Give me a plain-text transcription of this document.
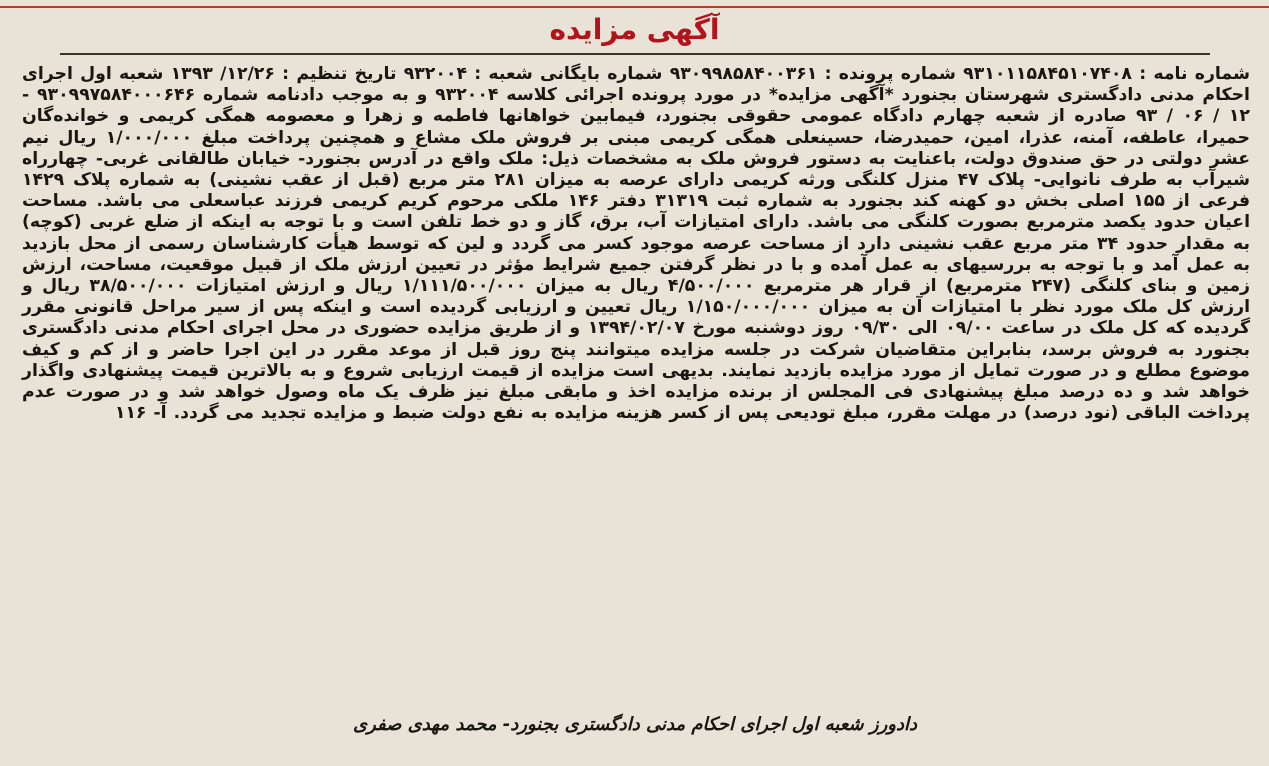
آگهی مزایده

شماره نامه : ۹۳۱۰۱۱۵۸۴۵۱۰۷۴۰۸ شماره پرونده : ۹۳۰۹۹۸۵۸۴۰۰۳۶۱ شماره بایگانی شعبه : ۹۳۲۰۰۴ تاریخ تنظیم : ۱۲/۲۶/ ۱۳۹۳ شعبه اول اجرای احکام مدنی دادگستری شهرستان بجنورد *آگهی مزایده* در مورد پرونده اجرائی کلاسه ۹۳۲۰۰۴ و به موجب دادنامه شماره ۹۳۰۹۹۷۵۸۴۰۰۰۶۴۶ - ۱۲ / ۰۶ / ۹۳ صادره از شعبه چهارم دادگاه عمومی حقوقی بجنورد، فیمابین خواهانها فاطمه و زهرا و معصومه همگی کریمی و خوانده‌گان حمیرا، عاطفه، آمنه، عذرا، امین، حمیدرضا، حسینعلی همگی کریمی مبنی بر فروش ملک مشاع و همچنین پرداخت مبلغ ۱/۰۰۰/۰۰۰ ریال نیم عشر دولتی در حق صندوق دولت، باعنایت به دستور فروش ملک به مشخصات ذیل: ملک واقع در آدرس بجنورد- خیابان طالقانی غربی- چهارراه شیرآب به طرف نانوایی- پلاک ۴۷ منزل کلنگی ورثه کریمی دارای عرصه به میزان ۲۸۱ متر مربع (قبل از عقب نشینی) به شماره پلاک ۱۴۲۹ فرعی از ۱۵۵ اصلی بخش دو کهنه کند بجنورد به شماره ثبت ۳۱۳۱۹ دفتر ۱۴۶ ملکی مرحوم کریم کریمی فرزند عباسعلی می باشد. مساحت اعیان حدود یکصد مترمربع بصورت کلنگی می باشد. دارای امتیازات آب، برق، گاز و دو خط تلفن است و با توجه به اینکه از ضلع غربی (کوچه) به مقدار حدود ۳۴ متر مربع عقب نشینی دارد از مساحت عرصه موجود کسر می گردد و لین که توسط هیأت کارشناسان رسمی از محل بازدید به عمل آمد و با توجه به بررسیهای به عمل آمده و با در نظر گرفتن جمیع شرایط مؤثر در تعیین ارزش ملک از قبیل موقعیت، مساحت، ارزش زمین و بنای کلنگی (۲۴۷ مترمربع) از قرار هر مترمربع ۴/۵۰۰/۰۰۰ ریال به میزان ۱/۱۱۱/۵۰۰/۰۰۰ ریال و ارزش امتیازات ۳۸/۵۰۰/۰۰۰ ریال و ارزش کل ملک مورد نظر با امتیازات آن به میزان ۱/۱۵۰/۰۰۰/۰۰۰ ریال تعیین و ارزیابی گردیده است و اینکه پس از سیر مراحل قانونی مقرر گردیده که کل ملک در ساعت ۰۹/۰۰ الی ۰۹/۳۰ روز دوشنبه مورخ ۱۳۹۴/۰۲/۰۷ و از طریق مزایده حضوری در محل اجرای احکام مدنی دادگستری بجنورد به فروش برسد، بنابراین متقاضیان شرکت در جلسه مزایده میتوانند پنج روز قبل از موعد مقرر در این اجرا حاضر و از کم و کیف موضوع مطلع و در صورت تمایل از مورد مزایده بازدید نمایند. بدیهی است مزایده از قیمت ارزیابی شروع و به بالاترین قیمت پیشنهادی واگذار خواهد شد و ده درصد مبلغ پیشنهادی فی المجلس از برنده مزایده اخذ و مابقی مبلغ نیز ظرف یک ماه وصول خواهد شد و در صورت عدم پرداخت الباقی (نود درصد) در مهلت مقرر، مبلغ تودیعی پس از کسر هزینه مزایده به نفع دولت ضبط و مزایده تجدید می گردد. آ- ۱۱۶

دادورز شعبه اول اجرای احکام مدنی دادگستری بجنورد- محمد مهدی صفری
